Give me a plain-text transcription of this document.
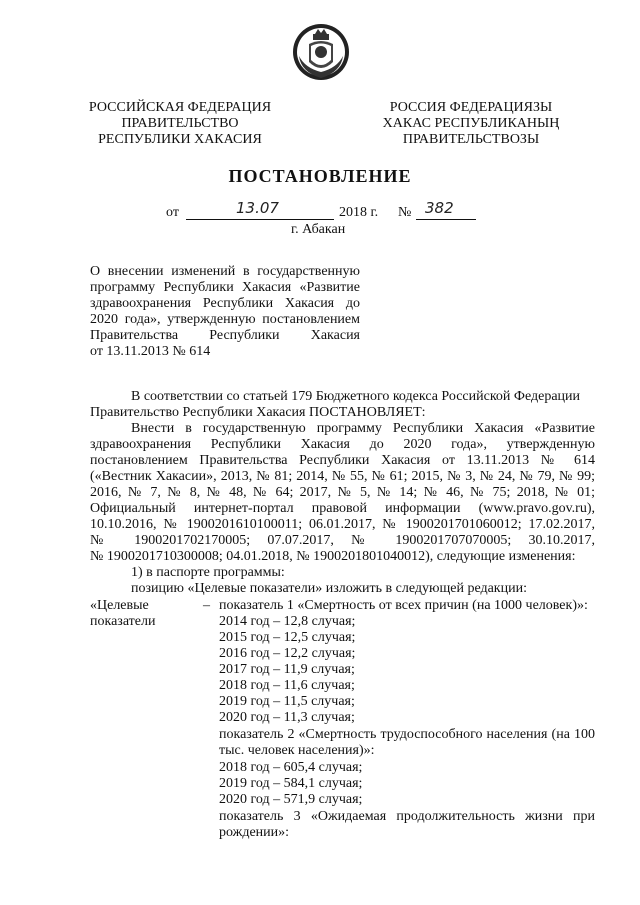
РОССИЙСКАЯ ФЕДЕРАЦИЯ
ПРАВИТЕЛЬСТВО
РЕСПУБЛИКИ ХАКАСИЯ
РОССИЯ ФЕДЕРАЦИЯЗЫ
ХАКАС РЕСПУБЛИКАНЫҢ
ПРАВИТЕЛЬСТВОЗЫ
ПОСТАНОВЛЕНИЕ
от	13.07	2018 г. № 382
г. Абакан
О внесении изменений в государственную
программу Республики Хакасия «Развитие
здравоохранения Республики Хакасия до
2020 года», утвержденную постановлением
Правительства Республики Хакасия
от 13.11.2013 № 614
В соответствии со статьей 179 Бюджетного кодекса Российской Федерации
Правительство Республики Хакасия ПОСТАНОВЛЯЕТ:
Внести в государственную программу Республики Хакасия «Развитие
здравоохранения Республики Хакасия до 2020 года», утвержденную
постановлением Правительства Республики Хакасия от 13.11.2013 № 614
(«Вестник Хакасии», 2013, № 81; 2014, № 55, № 61; 2015, № 3, № 24, № 79, № 99;
2016, № 7, № 8, № 48, № 64; 2017, № 5, № 14; № 46, № 75; 2018, № 01;
Официальный интернет-портал правовой информации (www.pravo.gov.ru),
10.10.2016, № 1900201610100011; 06.01.2017, № 1900201701060012; 17.02.2017,
№ 1900201702170005; 07.07.2017, № 1900201707070005; 30.10.2017,
№ 1900201710300008; 04.01.2018, № 1900201801040012), следующие изменения:
1) в паспорте программы:
позицию «Целевые показатели» изложить в следующей редакции:
«Целевые
показатели
– показатель 1 «Смертность от всех причин (на 1000 человек)»:
2014 год – 12,8 случая;
2015 год – 12,5 случая;
2016 год – 12,2 случая;
2017 год – 11,9 случая;
2018 год – 11,6 случая;
2019 год – 11,5 случая;
2020 год – 11,3 случая;
показатель 2 «Смертность трудоспособного населения (на 100
тыс. человек населения)»:
2018 год – 605,4 случая;
2019 год – 584,1 случая;
2020 год – 571,9 случая;
показатель 3 «Ожидаемая продолжительность жизни при
рождении»:
